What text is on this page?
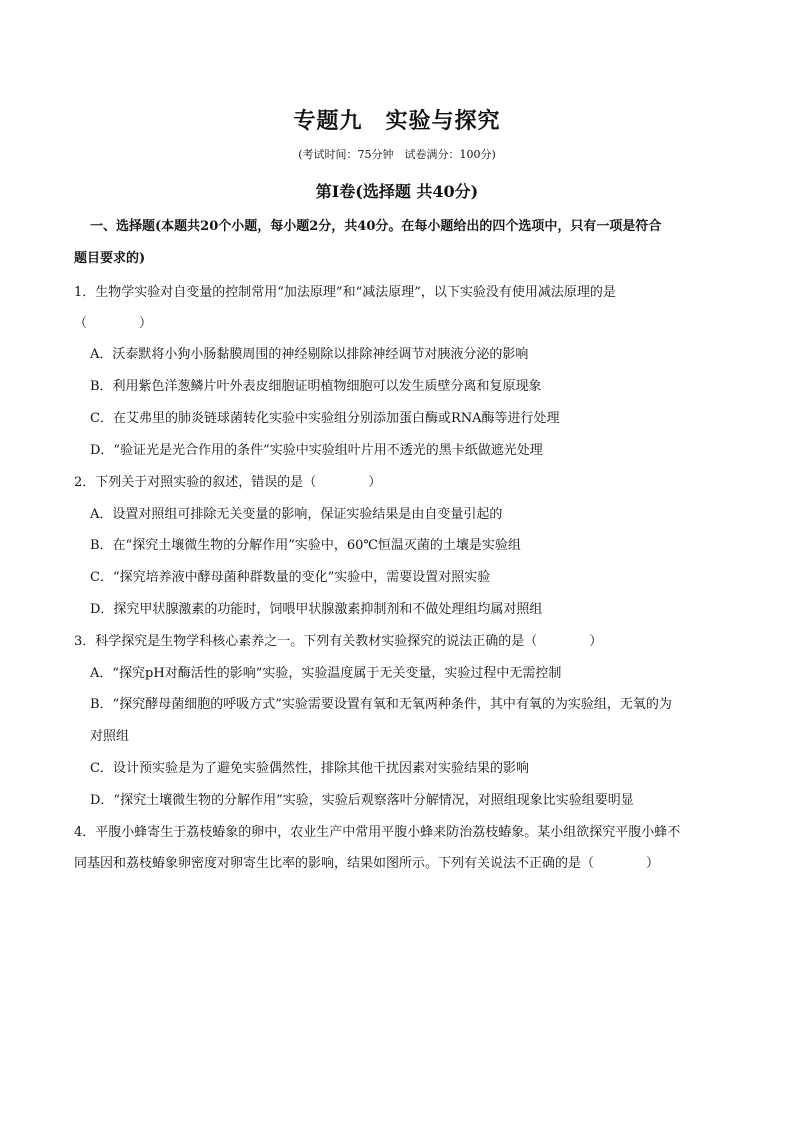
专题九　实验与探究
(考试时间：75分钟　试卷满分：100分)
第Ⅰ卷(选择题 共40分)
一、选择题(本题共20个小题，每小题2分，共40分。在每小题给出的四个选项中，只有一项是符合
题目要求的)
1．生物学实验对自变量的控制常用“加法原理”和“减法原理”，以下实验没有使用减法原理的是
（　　　　）
A．沃泰默将小狗小肠黏膜周围的神经剔除以排除神经调节对胰液分泌的影响
B．利用紫色洋葱鳞片叶外表皮细胞证明植物细胞可以发生质壁分离和复原现象
C．在艾弗里的肺炎链球菌转化实验中实验组分别添加蛋白酶或RNA酶等进行处理
D．“验证光是光合作用的条件”实验中实验组叶片用不透光的黑卡纸做遮光处理
2．下列关于对照实验的叙述，错误的是（　　　　）
A．设置对照组可排除无关变量的影响，保证实验结果是由自变量引起的
B．在“探究土壤微生物的分解作用”实验中，60℃恒温灭菌的土壤是实验组
C．“探究培养液中酵母菌种群数量的变化”实验中，需要设置对照实验
D．探究甲状腺激素的功能时，饲喂甲状腺激素抑制剂和不做处理组均属对照组
3．科学探究是生物学科核心素养之一。下列有关教材实验探究的说法正确的是（　　　　）
A．“探究pH对酶活性的影响”实验，实验温度属于无关变量，实验过程中无需控制
B．“探究酵母菌细胞的呼吸方式”实验需要设置有氧和无氧两种条件，其中有氧的为实验组，无氧的为
对照组
C．设计预实验是为了避免实验偶然性，排除其他干扰因素对实验结果的影响
D．“探究土壤微生物的分解作用”实验，实验后观察落叶分解情况，对照组现象比实验组要明显
4．平腹小蜂寄生于荔枝蝽象的卵中，农业生产中常用平腹小蜂来防治荔枝蝽象。某小组欲探究平腹小蜂不
同基因和荔枝蝽象卵密度对卵寄生比率的影响，结果如图所示。下列有关说法不正确的是（　　　　）
